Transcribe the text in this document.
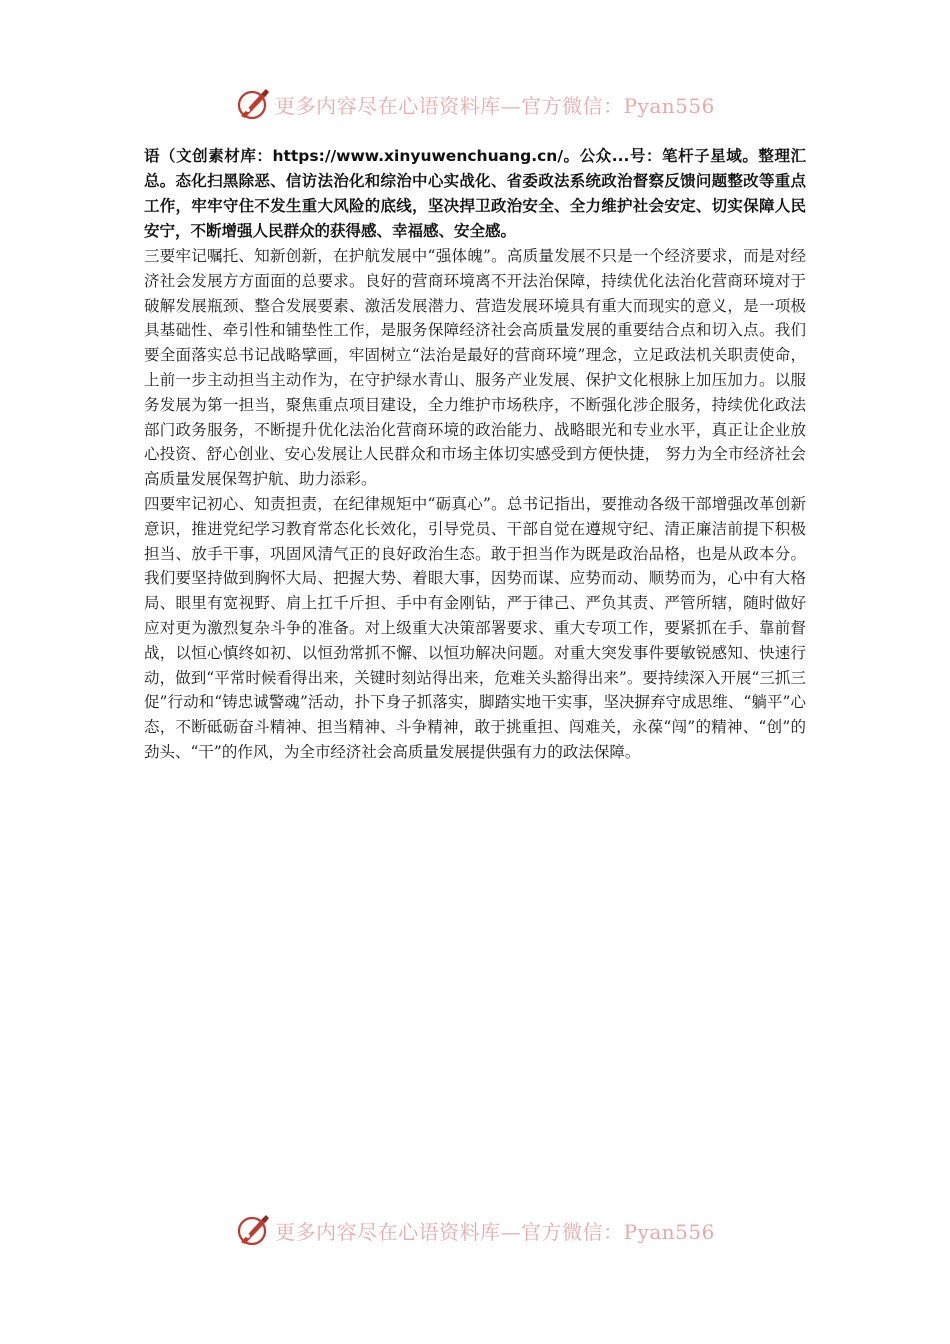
更多内容尽在心语资料库—官方微信：Pyan556

语（文创素材库：https://www.xinyuwenchuang.cn/。公众...号：笔杆子星域。整理汇总。态化扫黑除恶、信访法治化和综治中心实战化、省委政法系统政治督察反馈问题整改等重点工作，牢牢守住不发生重大风险的底线，坚决捍卫政治安全、全力维护社会安定、切实保障人民安宁，不断增强人民群众的获得感、幸福感、安全感。

三要牢记嘱托、知新创新，在护航发展中“强体魄”。高质量发展不只是一个经济要求，而是对经济社会发展方方面面的总要求。良好的营商环境离不开法治保障，持续优化法治化营商环境对于破解发展瓶颈、整合发展要素、激活发展潜力、营造发展环境具有重大而现实的意义，是一项极具基础性、牵引性和铺垫性工作，是服务保障经济社会高质量发展的重要结合点和切入点。我们要全面落实总书记战略擘画，牢固树立“法治是最好的营商环境”理念，立足政法机关职责使命，上前一步主动担当主动作为，在守护绿水青山、服务产业发展、保护文化根脉上加压加力。以服务发展为第一担当，聚焦重点项目建设，全力维护市场秩序，不断强化涉企服务，持续优化政法部门政务服务，不断提升优化法治化营商环境的政治能力、战略眼光和专业水平，真正让企业放心投资、舒心创业、安心发展让人民群众和市场主体切实感受到方便快捷， 努力为全市经济社会高质量发展保驾护航、助力添彩。

四要牢记初心、知责担责，在纪律规矩中“砺真心”。总书记指出，要推动各级干部增强改革创新意识，推进党纪学习教育常态化长效化，引导党员、干部自觉在遵规守纪、清正廉洁前提下积极担当、放手干事，巩固风清气正的良好政治生态。敢于担当作为既是政治品格，也是从政本分。我们要坚持做到胸怀大局、把握大势、着眼大事，因势而谋、应势而动、顺势而为，心中有大格局、眼里有宽视野、肩上扛千斤担、手中有金刚钻，严于律己、严负其责、严管所辖，随时做好应对更为激烈复杂斗争的准备。对上级重大决策部署要求、重大专项工作，要紧抓在手、靠前督战，以恒心慎终如初、以恒劲常抓不懈、以恒功解决问题。对重大突发事件要敏锐感知、快速行动，做到“平常时候看得出来，关键时刻站得出来，危难关头豁得出来”。要持续深入开展“三抓三促”行动和“铸忠诚警魂”活动，扑下身子抓落实，脚踏实地干实事，坚决摒弃守成思维、“躺平”心态，不断砥砺奋斗精神、担当精神、斗争精神，敢于挑重担、闯难关，永葆“闯”的精神、“创”的劲头、“干”的作风，为全市经济社会高质量发展提供强有力的政法保障。

更多内容尽在心语资料库—官方微信：Pyan556
